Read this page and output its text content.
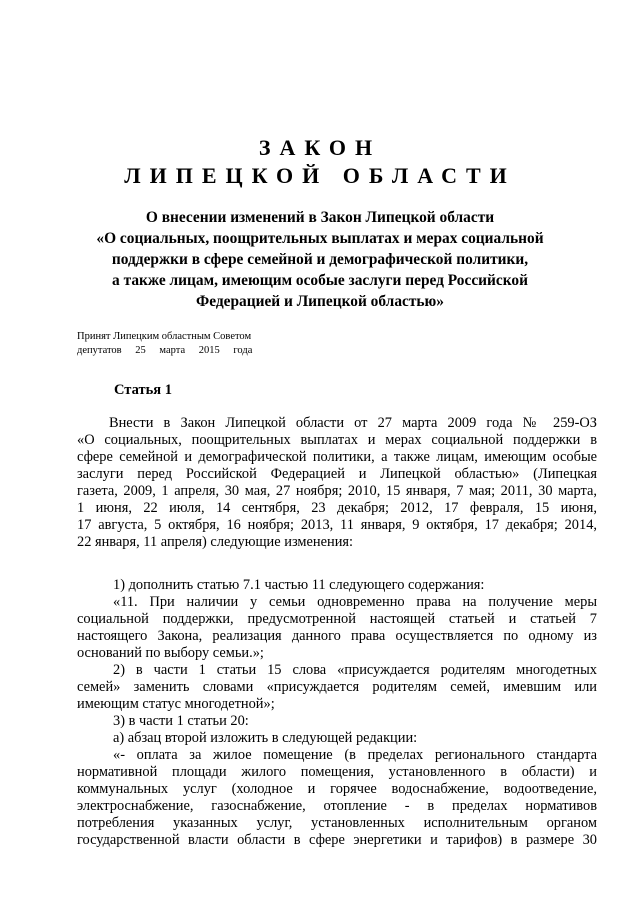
ЗАКОН
ЛИПЕЦКОЙ ОБЛАСТИ
О внесении изменений в Закон Липецкой области
«О социальных, поощрительных выплатах и мерах социальной
поддержки в сфере семейной и демографической политики,
а также лицам, имеющим особые заслуги перед Российской
Федерацией и Липецкой областью»
Принят Липецким областным Советом
депутатов 25 марта 2015 года
Статья 1
Внести в Закон Липецкой области от 27 марта 2009 года № 259-ОЗ
«О социальных, поощрительных выплатах и мерах социальной поддержки в
сфере семейной и демографической политики, а также лицам, имеющим особые
заслуги перед Российской Федерацией и Липецкой областью» (Липецкая
газета, 2009, 1 апреля, 30 мая, 27 ноября; 2010, 15 января, 7 мая; 2011, 30 марта,
1 июня, 22 июля, 14 сентября, 23 декабря; 2012, 17 февраля, 15 июня,
17 августа, 5 октября, 16 ноября; 2013, 11 января, 9 октября, 17 декабря; 2014,
22 января, 11 апреля) следующие изменения:
1) дополнить статью 7.1 частью 11 следующего содержания:
«11. При наличии у семьи одновременно права на получение меры
социальной поддержки, предусмотренной настоящей статьей и статьей 7
настоящего Закона, реализация данного права осуществляется по одному из
оснований по выбору семьи.»;
2) в части 1 статьи 15 слова «присуждается родителям многодетных
семей» заменить словами «присуждается родителям семей, имевшим или
имеющим статус многодетной»;
3) в части 1 статьи 20:
а) абзац второй изложить в следующей редакции:
«- оплата за жилое помещение (в пределах регионального стандарта
нормативной площади жилого помещения, установленного в области) и
коммунальных услуг (холодное и горячее водоснабжение, водоотведение,
электроснабжение, газоснабжение, отопление - в пределах нормативов
потребления указанных услуг, установленных исполнительным органом
государственной власти области в сфере энергетики и тарифов) в размере 30
